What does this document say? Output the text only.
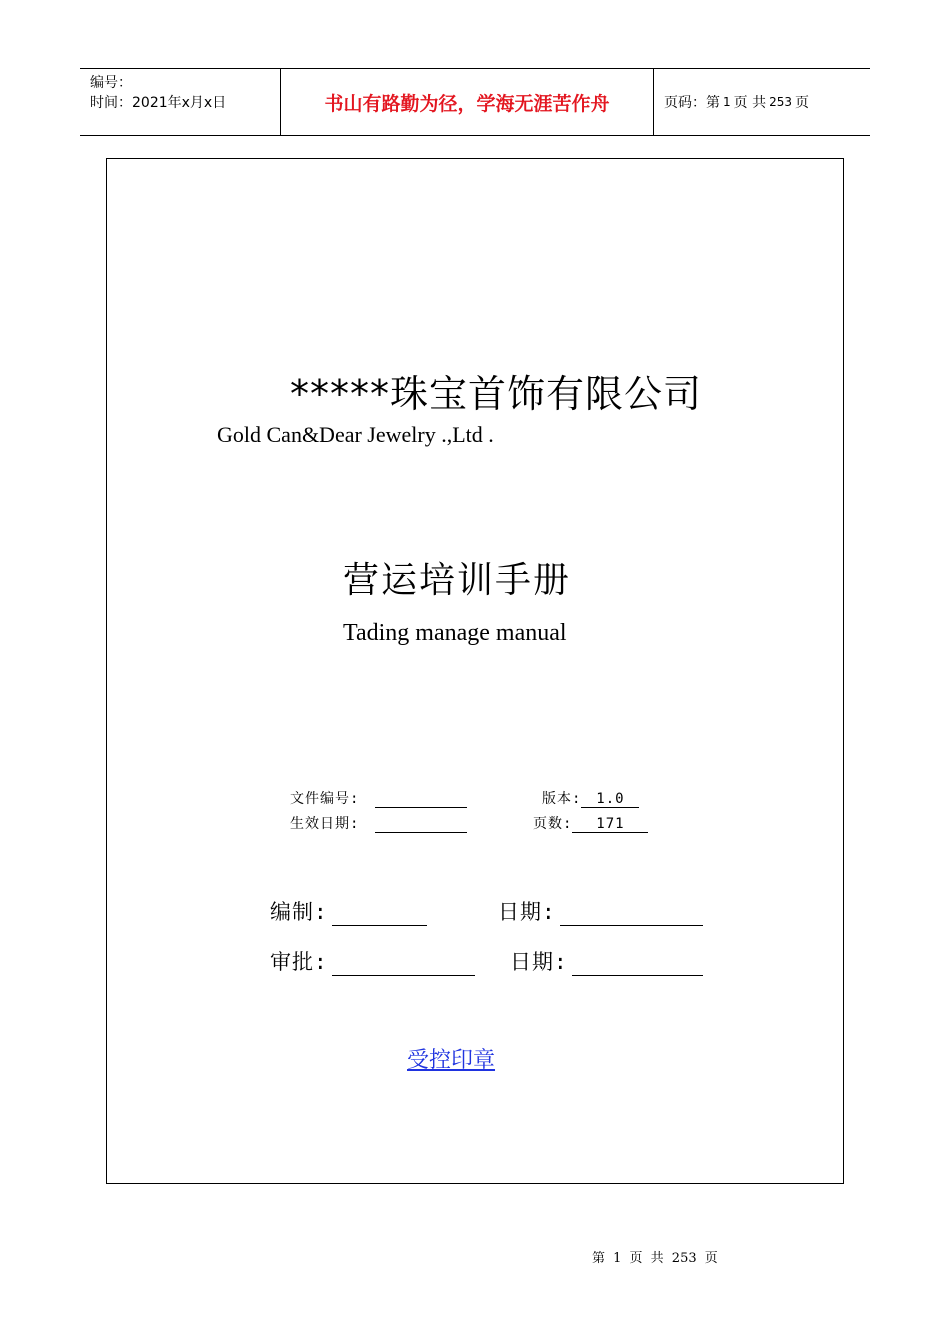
编号：
时间：2021年x月x日	书山有路勤为径，学海无涯苦作舟	页码：第 1 页 共 253 页
*****珠宝首饰有限公司
Gold Can&Dear Jewelry .,Ltd .
营运培训手册
Tading manage manual
文件编号:	版本: 1.0
生效日期:	页数: 171
编制:	日期:
审批:	日期:
受控印章
第 1 页 共 253 页
